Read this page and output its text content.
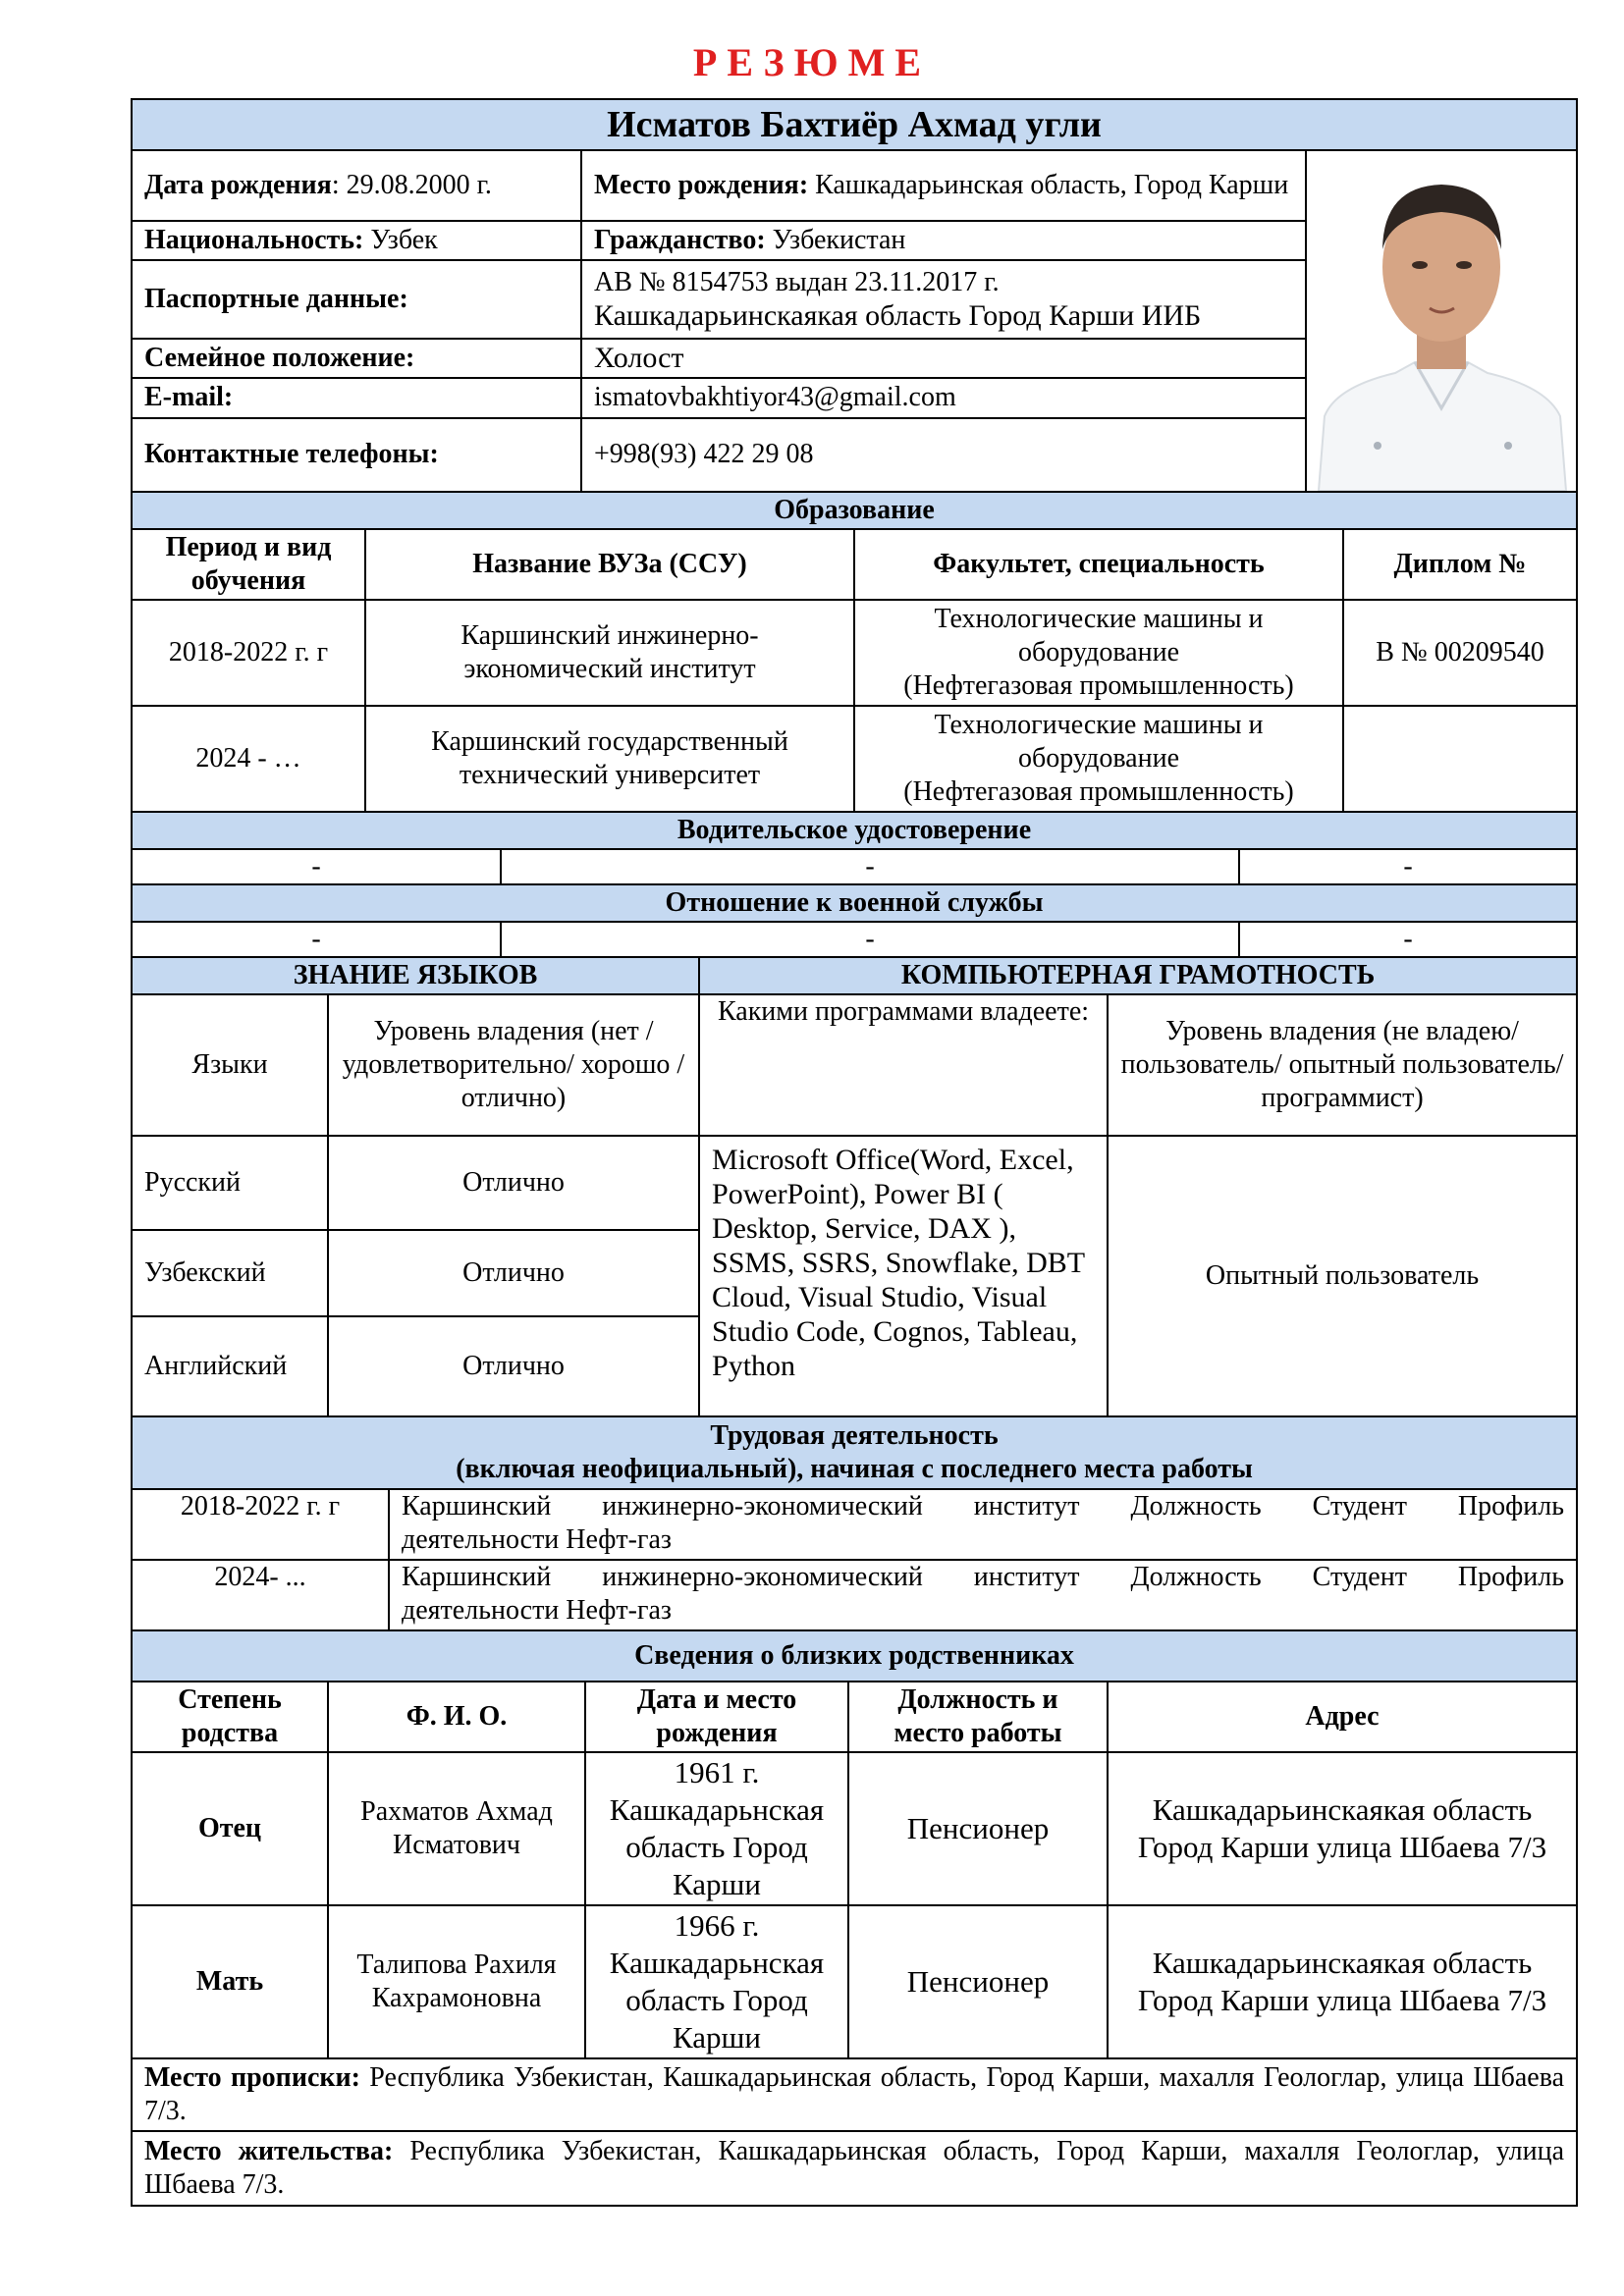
РЕЗЮМЕ
Исматов Бахтиёр Ахмад угли		
Дата рождения: 29.08.2000 г.	Место рождения: Кашкадарьинская область, Город Карши	

Национальность: Узбек	Гражданство: Узбекистан	
Паспортные данные:	АВ № 8154753 выдан 23.11.2017 г.
Кашкадарьинскаякая область Город Карши ИИБ	

Семейное положение:	Холост	
E-mail:	ismatovbakhtiyor43@gmail.com	
Контактные телефоны:	+998(93) 422 29 08	
Образование			
Период и вид обучения	Название ВУЗа (ССУ)	Факультет, специальность	Диплом №
2018-2022 г. г	Каршинский инжинерно-экономический институт	Технологические машины и
оборудование
(Нефтегазовая промышленность)	В № 00209540
2024 - …	Каршинский государственный технический университет	Технологические машины и
оборудование
(Нефтегазовая промышленность)	

Водительское удостоверение		
-	-	-
Отношение к военной службы		
-	-	-
ЗНАНИЕ ЯЗЫКОВ		КОМПЬЮТЕРНАЯ ГРАМОТНОСТЬ	
Языки	Уровень владения (нет /удовлетворительно/ хорошо / отлично)	Какими программами владеете:	Уровень владения (не владею/пользователь/ опытный пользователь/ программист)
Русский	Отлично	Microsoft Office(Word, Excel, PowerPoint), Power BI ( Desktop, Service, DAX ), SSMS, SSRS, Snowflake, DBT Cloud, Visual Studio, Visual Studio Code, Cognos, Tableau, Python	Опытный пользователь
Узбекский	Отлично		
Английский	Отлично		
Трудовая деятельность
(включая неофициальный), начиная с последнего места работы	

2018-2022 г. г	Каршинский инжинерно-экономический институт Должность Студент Профиль
деятельности Нефт-газ

2024- ...	Каршинский инжинерно-экономический институт Должность Студент Профиль
деятельности Нефт-газ
Сведения о близких родственниках				
Степень родства	Ф. И. О.	Дата и место рождения	Должность и место работы	Адрес
Отец	Рахматов Ахмад Исматович	1961 г. Кашкадарьнская область Город Карши	Пенсионер	Кашкадарьинскаякая область Город Карши улица Шбаева 7/3
Мать	Талипова Рахиля Кахрамоновна	1966 г. Кашкадарьнская область Город Карши	Пенсионер	Кашкадарьинскаякая область Город Карши улица Шбаева 7/3
Место прописки: Республика Узбекистан, Кашкадарьинская область, Город Карши, махалля Геологлар, улица Шбаева 7/3.				
Место жительства: Республика Узбекистан, Кашкадарьинская область, Город Карши, махалля Геологлар, улица Шбаева 7/3.				
